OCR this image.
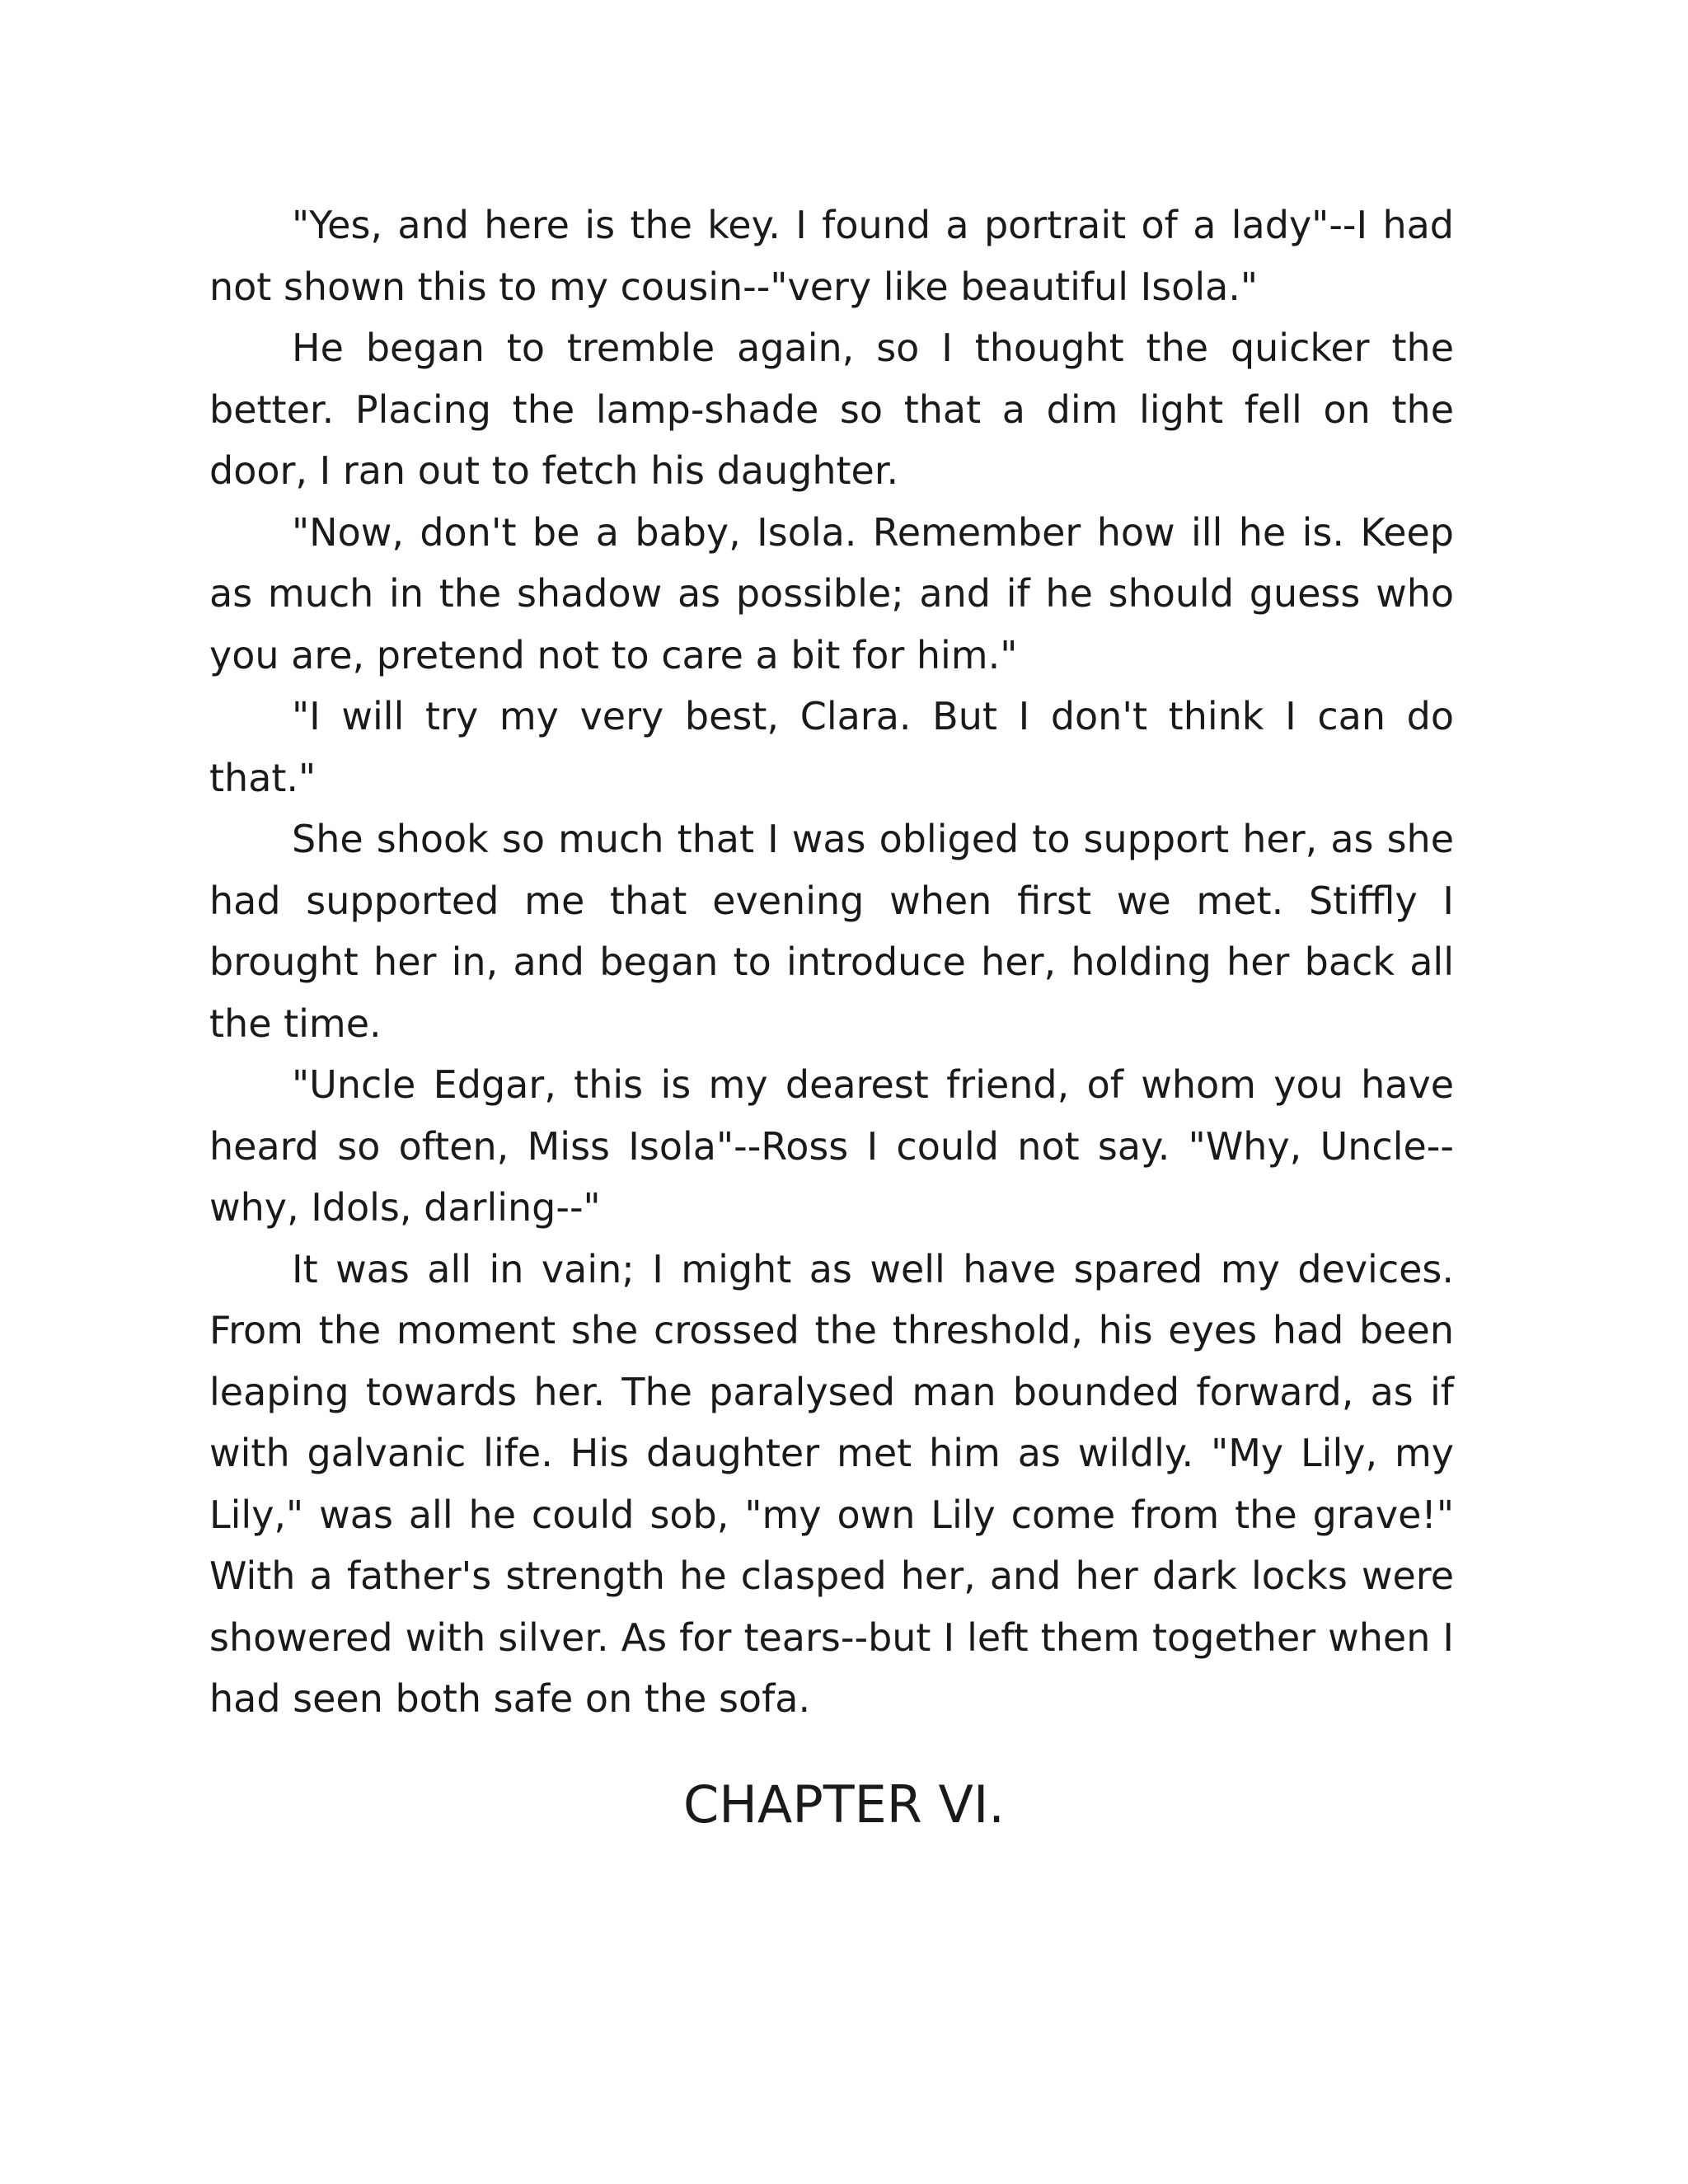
"Yes, and here is the key. I found a portrait of a lady"--I had not shown this to my cousin--"very like beautiful Isola."

He began to tremble again, so I thought the quicker the better. Placing the lamp-shade so that a dim light fell on the door, I ran out to fetch his daughter.

"Now, don't be a baby, Isola. Remember how ill he is. Keep as much in the shadow as possible; and if he should guess who you are, pretend not to care a bit for him."

"I will try my very best, Clara. But I don't think I can do that."

She shook so much that I was obliged to support her, as she had supported me that evening when first we met. Stiffly I brought her in, and began to introduce her, holding her back all the time.

"Uncle Edgar, this is my dearest friend, of whom you have heard so often, Miss Isola"--Ross I could not say. "Why, Uncle--why, Idols, darling--"

It was all in vain; I might as well have spared my devices. From the moment she crossed the threshold, his eyes had been leaping towards her. The paralysed man bounded forward, as if with galvanic life. His daughter met him as wildly. "My Lily, my Lily," was all he could sob, "my own Lily come from the grave!" With a father's strength he clasped her, and her dark locks were showered with silver. As for tears--but I left them together when I had seen both safe on the sofa.

CHAPTER VI.
